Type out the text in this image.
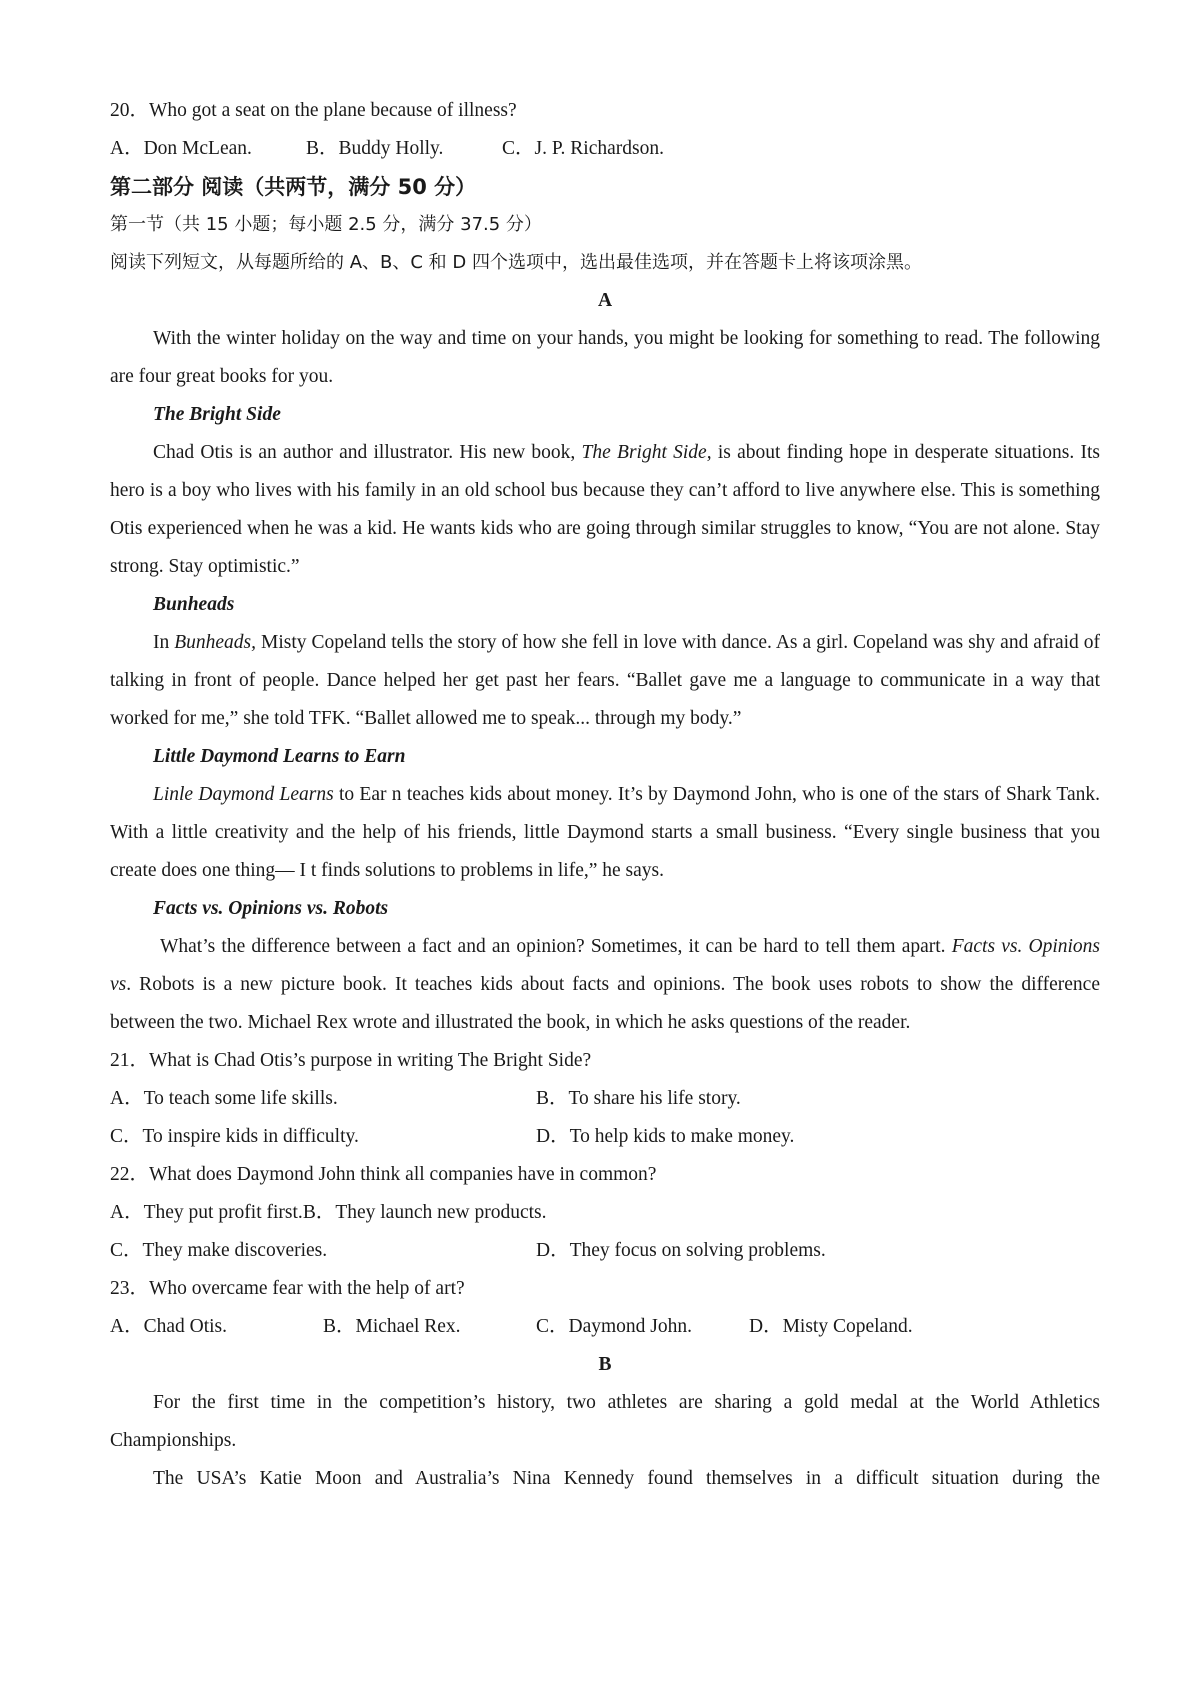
20．Who got a seat on the plane because of illness?
A．Don McLean.	B．Buddy Holly.	C．J. P. Richardson.
第二部分 阅读（共两节，满分 50 分）
第一节（共 15 小题；每小题 2.5 分，满分 37.5 分）
阅读下列短文，从每题所给的 A、B、C 和 D 四个选项中，选出最佳选项，并在答题卡上将该项涂黑。
A

With the winter holiday on the way and time on your hands, you might be looking for something to read. The following are four great books for you.

The Bright Side

Chad Otis is an author and illustrator. His new book, The Bright Side, is about finding hope in desperate situations. Its hero is a boy who lives with his family in an old school bus because they can’t afford to live anywhere else. This is something Otis experienced when he was a kid. He wants kids who are going through similar struggles to know, “You are not alone. Stay strong. Stay optimistic.”

Bunheads

In Bunheads, Misty Copeland tells the story of how she fell in love with dance. As a girl. Copeland was shy and afraid of talking in front of people. Dance helped her get past her fears. “Ballet gave me a language to communicate in a way that worked for me,” she told TFK. “Ballet allowed me to speak... through my body.”

Little Daymond Learns to Earn

Linle Daymond Learns to Ear n teaches kids about money. It’s by Daymond John, who is one of the stars of Shark Tank. With a little creativity and the help of his friends, little Daymond starts a small business. “Every single business that you create does one thing— I t finds solutions to problems in life,” he says.

Facts vs. Opinions vs. Robots

What’s the difference between a fact and an opinion? Sometimes, it can be hard to tell them apart. Facts vs. Opinions vs. Robots is a new picture book. It teaches kids about facts and opinions. The book uses robots to show the difference between the two. Michael Rex wrote and illustrated the book, in which he asks questions of the reader.

21．What is Chad Otis’s purpose in writing The Bright Side?
A．To teach some life skills.	B．To share his life story.
C．To inspire kids in difficulty.	D．To help kids to make money.
22．What does Daymond John think all companies have in common?
A．They put profit first. B．They launch new products.
C．They make discoveries.	D．They focus on solving problems.
23．Who overcame fear with the help of art?
A．Chad Otis.	B．Michael Rex.	C．Daymond John.	D．Misty Copeland.
B

For the first time in the competition’s history, two athletes are sharing a gold medal at the World Athletics Championships.

The USA’s Katie Moon and Australia’s Nina Kennedy found themselves in a difficult situation during the
